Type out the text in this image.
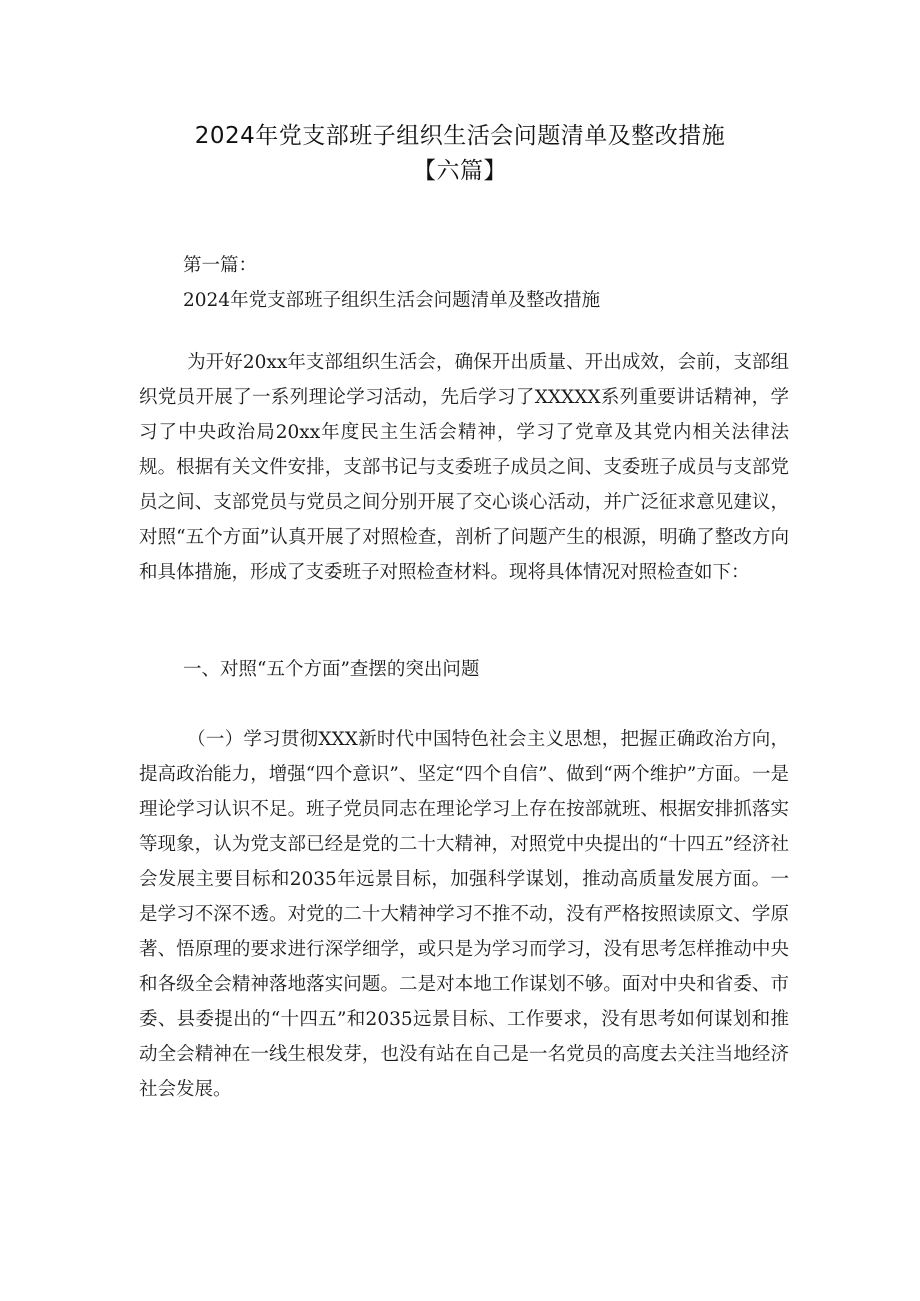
2024年党支部班子组织生活会问题清单及整改措施
【六篇】
第一篇：
2024年党支部班子组织生活会问题清单及整改措施
为开好20xx年支部组织生活会，确保开出质量、开出成效，会前，支部组织党员开展了一系列理论学习活动，先后学习了XXXXX系列重要讲话精神，学习了中央政治局20xx年度民主生活会精神，学习了党章及其党内相关法律法规。根据有关文件安排，支部书记与支委班子成员之间、支委班子成员与支部党员之间、支部党员与党员之间分别开展了交心谈心活动，并广泛征求意见建议，对照“五个方面”认真开展了对照检查，剖析了问题产生的根源，明确了整改方向和具体措施，形成了支委班子对照检查材料。现将具体情况对照检查如下：
一、对照“五个方面”查摆的突出问题
（一）学习贯彻XXX新时代中国特色社会主义思想，把握正确政治方向，提高政治能力，增强“四个意识”、坚定“四个自信”、做到“两个维护”方面。一是理论学习认识不足。班子党员同志在理论学习上存在按部就班、根据安排抓落实等现象，认为党支部已经是党的二十大精神，对照党中央提出的“十四五”经济社会发展主要目标和2035年远景目标，加强科学谋划，推动高质量发展方面。一是学习不深不透。对党的二十大精神学习不推不动，没有严格按照读原文、学原著、悟原理的要求进行深学细学，或只是为学习而学习，没有思考怎样推动中央和各级全会精神落地落实问题。二是对本地工作谋划不够。面对中央和省委、市委、县委提出的“十四五”和2035远景目标、工作要求，没有思考如何谋划和推动全会精神在一线生根发芽，也没有站在自己是一名党员的高度去关注当地经济社会发展。
